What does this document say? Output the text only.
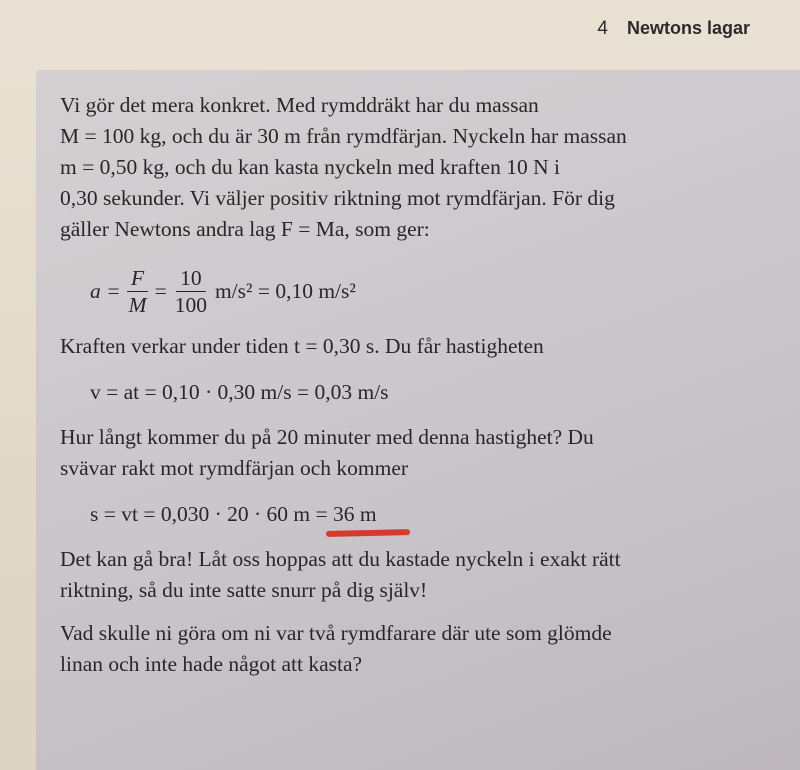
4 Newtons lagar

Vi gör det mera konkret. Med rymddräkt har du massan
M = 100 kg, och du är 30 m från rymdfärjan. Nyckeln har massan
m = 0,50 kg, och du kan kasta nyckeln med kraften 10 N i
0,30 sekunder. Vi väljer positiv riktning mot rymdfärjan. För dig
gäller Newtons andra lag F = Ma, som ger:

$a = \frac{F}{M} = \frac{10}{100} m/s^2 = 0,10$ m/s²

Kraften verkar under tiden t = 0,30 s. Du får hastigheten

v = at = 0,10 · 0,30 m/s = 0,03 m/s

Hur långt kommer du på 20 minuter med denna hastighet? Du
svävar rakt mot rymdfärjan och kommer

s = vt = 0,030 · 20 · 60 m = 36 m

Det kan gå bra! Låt oss hoppas att du kastade nyckeln i exakt rätt
riktning, så du inte satte snurr på dig själv!

Vad skulle ni göra om ni var två rymdfarare där ute som glömde
linan och inte hade något att kasta?
